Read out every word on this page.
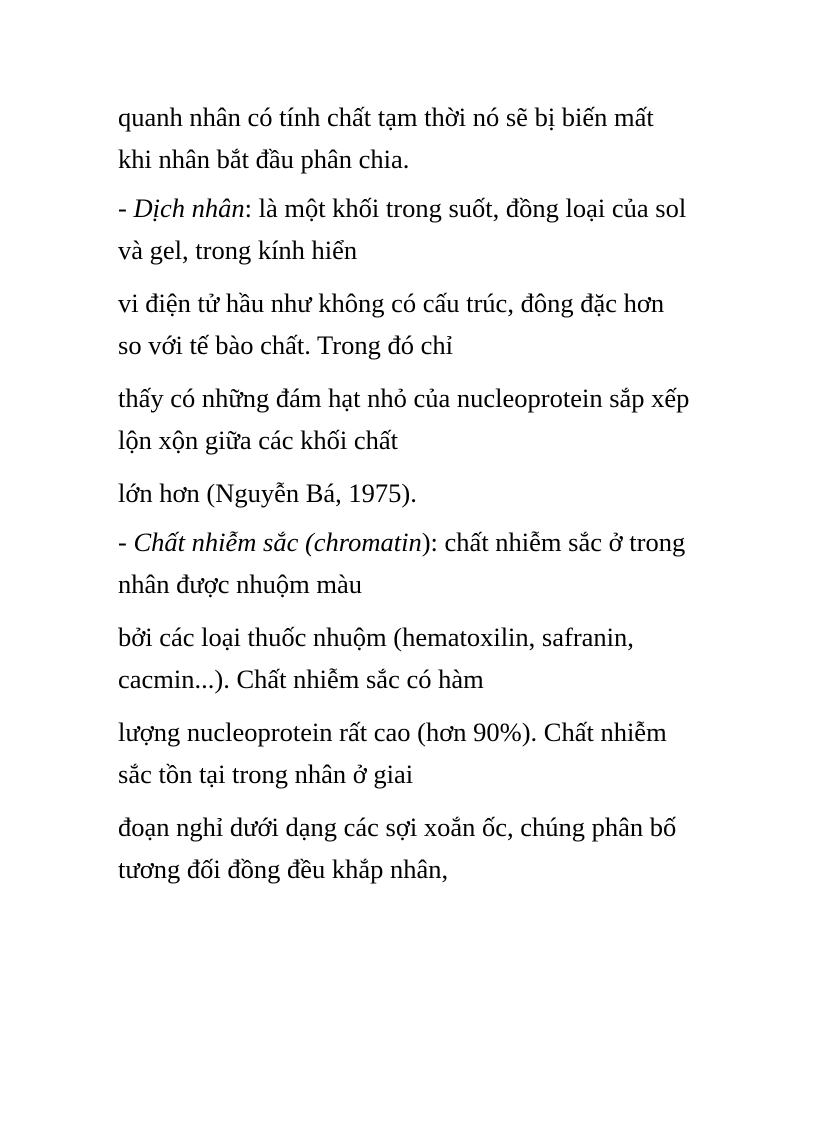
quanh nhân có tính chất tạm thời nó sẽ bị biến mất
khi nhân bắt đầu phân chia.
- Dịch nhân: là một khối trong suốt, đồng loại của sol
và gel, trong kính hiển
vi điện tử hầu như không có cấu trúc, đông đặc hơn
so với tế bào chất. Trong đó chỉ
thấy có những đám hạt nhỏ của nucleoprotein sắp xếp
lộn xộn giữa các khối chất
lớn hơn (Nguyễn Bá, 1975).
- Chất nhiễm sắc (chromatin): chất nhiễm sắc ở trong
nhân được nhuộm màu
bởi các loại thuốc nhuộm (hematoxilin, safranin,
cacmin...). Chất nhiễm sắc có hàm
lượng nucleoprotein rất cao (hơn 90%). Chất nhiễm
sắc tồn tại trong nhân ở giai
đoạn nghỉ dưới dạng các sợi xoắn ốc, chúng phân bố
tương đối đồng đều khắp nhân,
